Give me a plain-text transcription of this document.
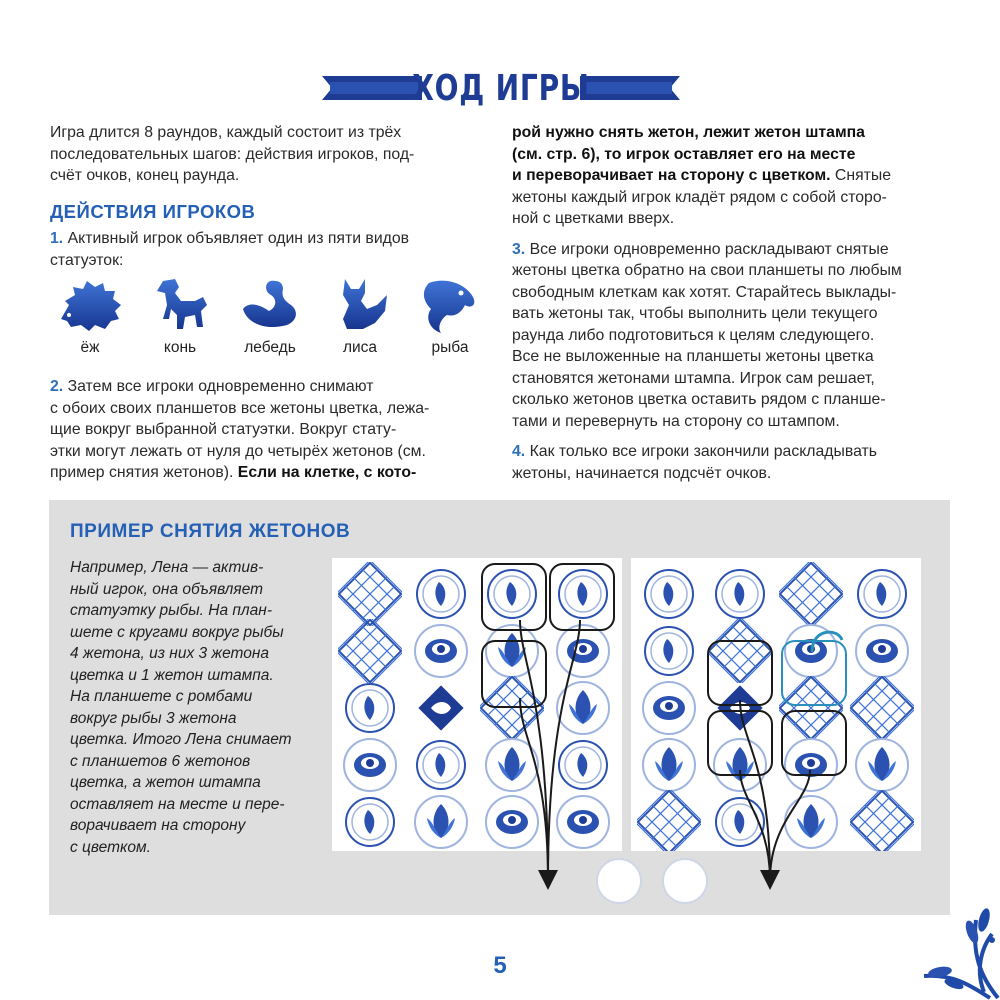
ХОД ИГРЫ
Игра длится 8 раундов, каждый состоит из трёх
последовательных шагов: действия игроков, под-
счёт очков, конец раунда.
ДЕЙСТВИЯ ИГРОКОВ
1. Активный игрок объявляет один из пяти видов
статуэток:
ёж	конь	лебедь	лиса	рыба
2. Затем все игроки одновременно снимают
с обоих своих планшетов все жетоны цветка, лежа-
щие вокруг выбранной статуэтки. Вокруг стату-
этки могут лежать от нуля до четырёх жетонов (см.
пример снятия жетонов). Если на клетке, с кото-
рой нужно снять жетон, лежит жетон штампа
(см. стр. 6), то игрок оставляет его на месте
и переворачивает на сторону с цветком. Снятые
жетоны каждый игрок кладёт рядом с собой сторо-
ной с цветками вверх.
3. Все игроки одновременно раскладывают снятые
жетоны цветка обратно на свои планшеты по любым
свободным клеткам как хотят. Старайтесь выклады-
вать жетоны так, чтобы выполнить цели текущего
раунда либо подготовиться к целям следующего.
Все не выложенные на планшеты жетоны цветка
становятся жетонами штампа. Игрок сам решает,
сколько жетонов цветка оставить рядом с планше-
тами и перевернуть на сторону со штампом.
4. Как только все игроки закончили раскладывать
жетоны, начинается подсчёт очков.
ПРИМЕР СНЯТИЯ ЖЕТОНОВ
Например, Лена — актив-
ный игрок, она объявляет
статуэтку рыбы. На план-
шете с кругами вокруг рыбы
4 жетона, из них 3 жетона
цветка и 1 жетон штампа.
На планшете с ромбами
вокруг рыбы 3 жетона
цветка. Итого Лена снимает
с планшетов 6 жетонов
цветка, а жетон штампа
оставляет на месте и пере-
ворачивает на сторону
с цветком.
5
